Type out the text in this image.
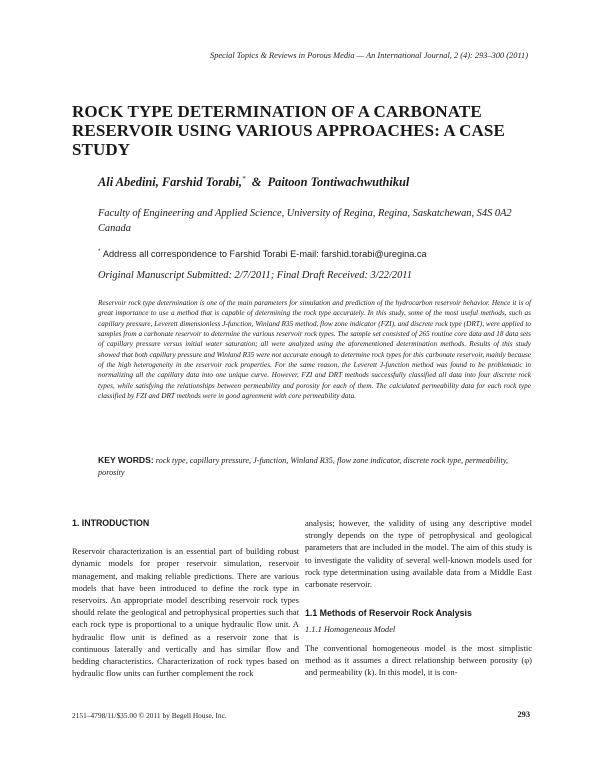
Special Topics & Reviews in Porous Media — An International Journal, 2 (4): 293–300 (2011)
ROCK TYPE DETERMINATION OF A CARBONATE RESERVOIR USING VARIOUS APPROACHES: A CASE STUDY
Ali Abedini, Farshid Torabi,* & Paitoon Tontiwachwuthikul
Faculty of Engineering and Applied Science, University of Regina, Regina, Saskatchewan, S4S 0A2 Canada
* Address all correspondence to Farshid Torabi E-mail: farshid.torabi@uregina.ca
Original Manuscript Submitted: 2/7/2011; Final Draft Received: 3/22/2011

Reservoir rock type determination is one of the main parameters for simulation and prediction of the hydrocarbon reservoir behavior. Hence it is of great importance to use a method that is capable of determining the rock type accurately. In this study, some of the most useful methods, such as capillary pressure, Leverett dimensionless J-function, Winland R35 method, flow zone indicator (FZI), and discrete rock type (DRT), were applied to samples from a carbonate reservoir to determine the various reservoir rock types. The sample set consisted of 265 routine core data and 18 data sets of capillary pressure versus initial water saturation; all were analyzed using the aforementioned determination methods. Results of this study showed that both capillary pressure and Winland R35 were not accurate enough to determine rock types for this carbonate reservoir, mainly because of the high heterogeneity in the reservoir rock properties. For the same reason, the Leverett J-function method was found to be problematic in normalizing all the capillary data into one unique curve. However, FZI and DRT methods successfully classified all data into four discrete rock types, while satisfying the relationships between permeability and porosity for each of them. The calculated permeability data for each rock type classified by FZI and DRT methods were in good agreement with core permeability data.

KEY WORDS: rock type, capillary pressure, J-function, Winland R35, flow zone indicator, discrete rock type, permeability, porosity

1. INTRODUCTION

Reservoir characterization is an essential part of building robust dynamic models for proper reservoir simulation, reservoir management, and making reliable predictions. There are various models that have been introduced to define the rock type in reservoirs. An appropriate model describing reservoir rock types should relate the geological and petrophysical properties such that each rock type is proportional to a unique hydraulic flow unit. A hydraulic flow unit is defined as a reservoir zone that is continuous laterally and vertically and has similar flow and bedding characteristics. Characterization of rock types based on hydraulic flow units can further complement the rock

analysis; however, the validity of using any descriptive model strongly depends on the type of petrophysical and geological parameters that are included in the model. The aim of this study is to investigate the validity of several well-known models used for rock type determination using available data from a Middle East carbonate reservoir.

1.1 Methods of Reservoir Rock Analysis
1.1.1 Homogeneous Model

The conventional homogeneous model is the most simplistic method as it assumes a direct relationship between porosity (φ) and permeability (k). In this model, it is con-

2151–4798/11/$35.00 © 2011 by Begell House, Inc.	293
